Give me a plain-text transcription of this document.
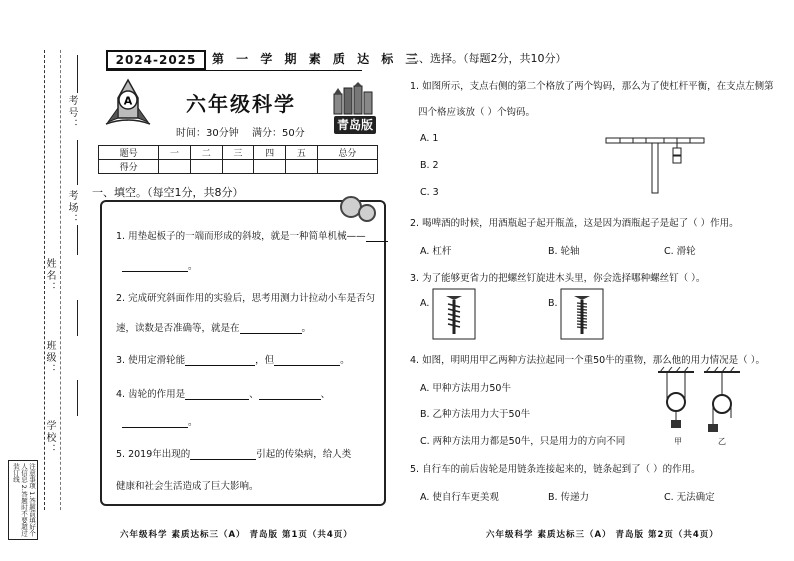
考号：
考场：
姓名：
班级：
学校：
注意事项 1.答题前填好个人信息 2.答题时不要超过装订线
2024-2025	第 一 学 期 素 质 达 标 三
A	六年级科学
青岛版
时间：30分钟 满分：50分
题号	一	二	三	四	五	总分
得分						
一、填空。（每空1分，共8分）
1. 用垫起板子的一端而形成的斜坡，就是一种简单机械——
。
2. 完成研究斜面作用的实验后，思考用测力计拉动小车是否匀
速，读数是否准确等，就是在	。
3. 使用定滑轮能	，但	。
4. 齿轮的作用是	、	、
。
5. 2019年出现的	引起的传染病，给人类
健康和社会生活造成了巨大影响。
六年级科学 素质达标三（A） 青岛版 第1页（共4页）
二、选择。（每题2分，共10分）
1. 如图所示，支点右侧的第二个格放了两个钩码，那么为了使杠杆平衡，在支点左侧第
四个格应该放（ ）个钩码。
A. 1
B. 2
C. 3
2. 喝啤酒的时候，用酒瓶起子起开瓶盖，这是因为酒瓶起子是起了（ ）作用。
A. 杠杆	B. 轮轴	C. 滑轮
3. 为了能够更省力的把螺丝钉旋进木头里，你会选择哪种螺丝钉（ ）。
A.	B.
4. 如图，明明用甲乙两种方法拉起同一个重50牛的重物，那么他的用力情况是（ ）。
A. 甲种方法用力50牛
B. 乙种方法用力大于50牛
C. 两种方法用力都是50牛，只是用力的方向不同	甲	乙
5. 自行车的前后齿轮是用链条连接起来的，链条起到了（ ）的作用。
A. 使自行车更美观	B. 传递力	C. 无法确定
六年级科学 素质达标三（A） 青岛版 第2页（共4页）
